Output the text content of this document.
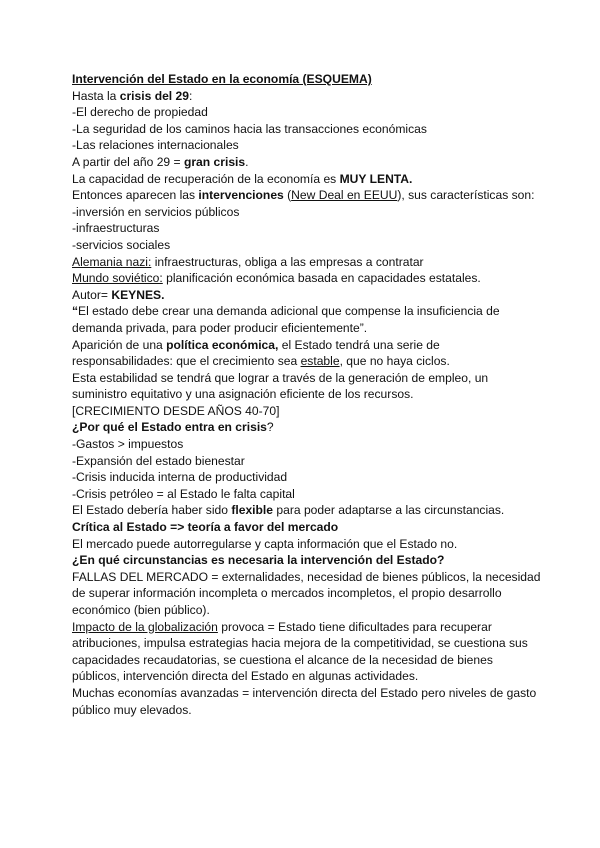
Intervención del Estado en la economía (ESQUEMA)
Hasta la crisis del 29:
-El derecho de propiedad
-La seguridad de los caminos hacia las transacciones económicas
-Las relaciones internacionales
A partir del año 29 = gran crisis.
La capacidad de recuperación de la economía es MUY LENTA.
Entonces aparecen las intervenciones (New Deal en EEUU), sus características son:
-inversión en servicios públicos
-infraestructuras
-servicios sociales
Alemania nazi: infraestructuras, obliga a las empresas a contratar
Mundo soviético: planificación económica basada en capacidades estatales.
Autor= KEYNES.
“El estado debe crear una demanda adicional que compense la insuficiencia de demanda privada, para poder producir eficientemente”.
Aparición de una política económica, el Estado tendrá una serie de responsabilidades: que el crecimiento sea estable, que no haya ciclos.
Esta estabilidad se tendrá que lograr a través de la generación de empleo, un suministro equitativo y una asignación eficiente de los recursos.
[CRECIMIENTO DESDE AÑOS 40-70]
¿Por qué el Estado entra en crisis?
-Gastos > impuestos
-Expansión del estado bienestar
-Crisis inducida interna de productividad
-Crisis petróleo = al Estado le falta capital
El Estado debería haber sido flexible para poder adaptarse a las circunstancias.
Crítica al Estado => teoría a favor del mercado
El mercado puede autorregularse y capta información que el Estado no.
¿En qué circunstancias es necesaria la intervención del Estado?
FALLAS DEL MERCADO = externalidades, necesidad de bienes públicos, la necesidad de superar información incompleta o mercados incompletos, el propio desarrollo económico (bien público).
Impacto de la globalización provoca = Estado tiene dificultades para recuperar atribuciones, impulsa estrategias hacia mejora de la competitividad, se cuestiona sus capacidades recaudatorias, se cuestiona el alcance de la necesidad de bienes públicos, intervención directa del Estado en algunas actividades.
Muchas economías avanzadas = intervención directa del Estado pero niveles de gasto público muy elevados.
